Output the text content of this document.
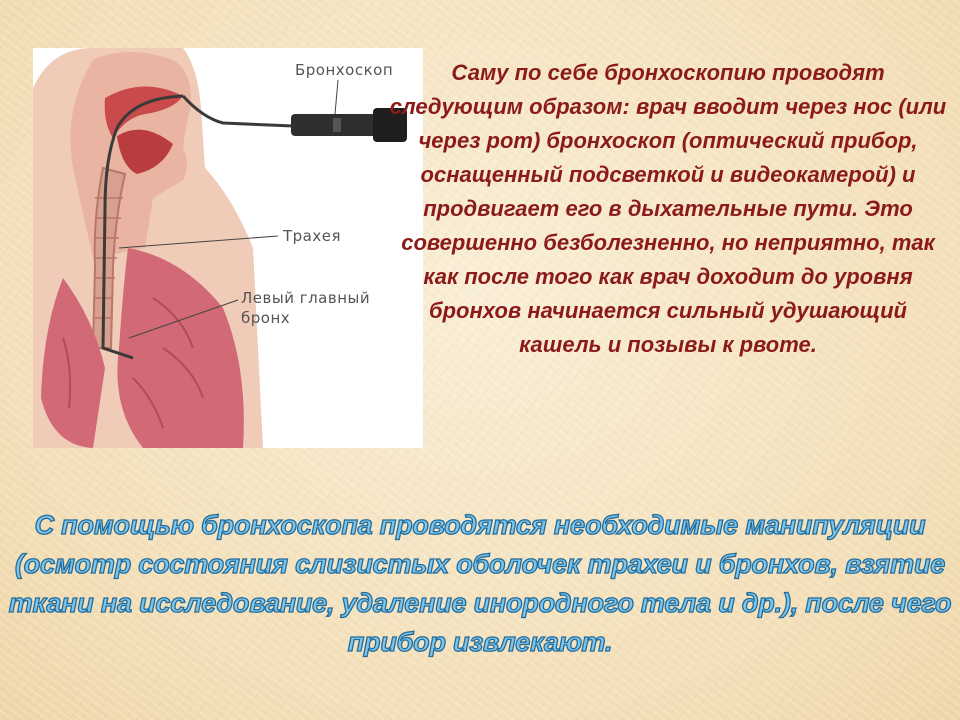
Бронхоскоп
Трахея
Левый главный
бронх

Саму по себе бронхоскопию проводят следующим образом: врач вводит через нос (или через рот) бронхоскоп (оптический прибор, оснащенный подсветкой и видеокамерой) и продвигает его в дыхательные пути. Это совершенно безболезненно, но неприятно, так как после того как врач доходит до уровня бронхов начинается сильный удушающий кашель и позывы к рвоте.

С помощью бронхоскопа проводятся необходимые манипуляции (осмотр состояния слизистых оболочек трахеи и бронхов, взятие ткани на исследование, удаление инородного тела и др.), после чего прибор извлекают.
